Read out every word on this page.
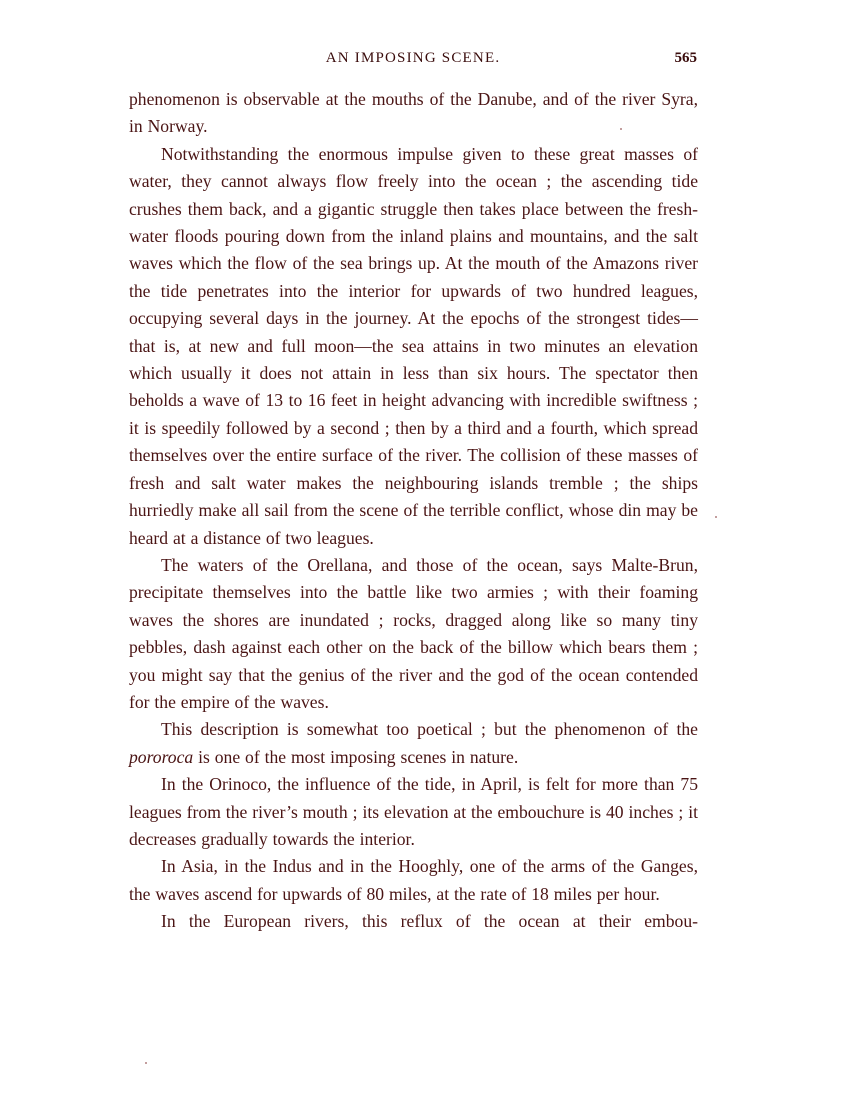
AN IMPOSING SCENE.	565

phenomenon is observable at the mouths of the Danube, and of the river Syra, in Norway.

Notwithstanding the enormous impulse given to these great masses of water, they cannot always flow freely into the ocean ; the ascending tide crushes them back, and a gigantic struggle then takes place between the fresh-water floods pouring down from the inland plains and mountains, and the salt waves which the flow of the sea brings up. At the mouth of the Amazons river the tide penetrates into the interior for upwards of two hundred leagues, occupying several days in the journey. At the epochs of the strongest tides—that is, at new and full moon—the sea attains in two minutes an elevation which usually it does not attain in less than six hours. The spectator then beholds a wave of 13 to 16 feet in height advancing with incredible swiftness ; it is speedily followed by a second ; then by a third and a fourth, which spread themselves over the entire surface of the river. The collision of these masses of fresh and salt water makes the neighbouring islands tremble ; the ships hurriedly make all sail from the scene of the terrible conflict, whose din may be heard at a distance of two leagues.

The waters of the Orellana, and those of the ocean, says Malte-Brun, precipitate themselves into the battle like two armies ; with their foaming waves the shores are inundated ; rocks, dragged along like so many tiny pebbles, dash against each other on the back of the billow which bears them ; you might say that the genius of the river and the god of the ocean contended for the empire of the waves.

This description is somewhat too poetical ; but the phenomenon of the pororoca is one of the most imposing scenes in nature.

In the Orinoco, the influence of the tide, in April, is felt for more than 75 leagues from the river’s mouth ; its elevation at the embouchure is 40 inches ; it decreases gradually towards the interior.

In Asia, in the Indus and in the Hooghly, one of the arms of the Ganges, the waves ascend for upwards of 80 miles, at the rate of 18 miles per hour.

In the European rivers, this reflux of the ocean at their embou-
